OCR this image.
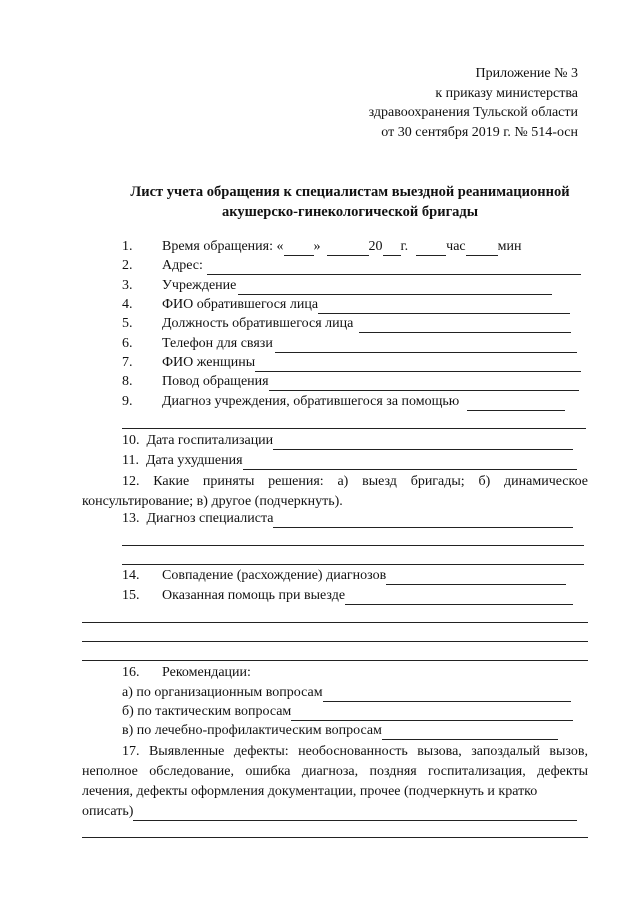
Приложение № 3
к приказу министерства
здравоохранения Тульской области
от 30 сентября 2019 г. № 514-осн
Лист учета обращения к специалистам выездной реанимационной
акушерско-гинекологической бригады
1.	Время обращения: « »	20 г.	час мин
2.	Адрес:
3.	Учреждение
4.	ФИО обратившегося лица
5.	Должность обратившегося лица
6.	Телефон для связи
7.	ФИО женщины
8.	Повод обращения
9.	Диагноз учреждения, обратившегося за помощью
10.  Дата госпитализации
11.  Дата ухудшения
12. Какие приняты решения: а) выезд бригады; б) динамическое консультирование; в) другое (подчеркнуть).
13.  Диагноз специалиста
14.	Совпадение (расхождение) диагнозов
15.	Оказанная помощь при выезде
16.	Рекомендации:
а) по организационным вопросам
б) по тактическим вопросам
в) по лечебно-профилактическим вопросам
17. Выявленные дефекты: необоснованность вызова, запоздалый вызов, неполное обследование, ошибка диагноза, поздняя госпитализация, дефекты лечения, дефекты оформления документации, прочее (подчеркнуть и кратко
описать)
